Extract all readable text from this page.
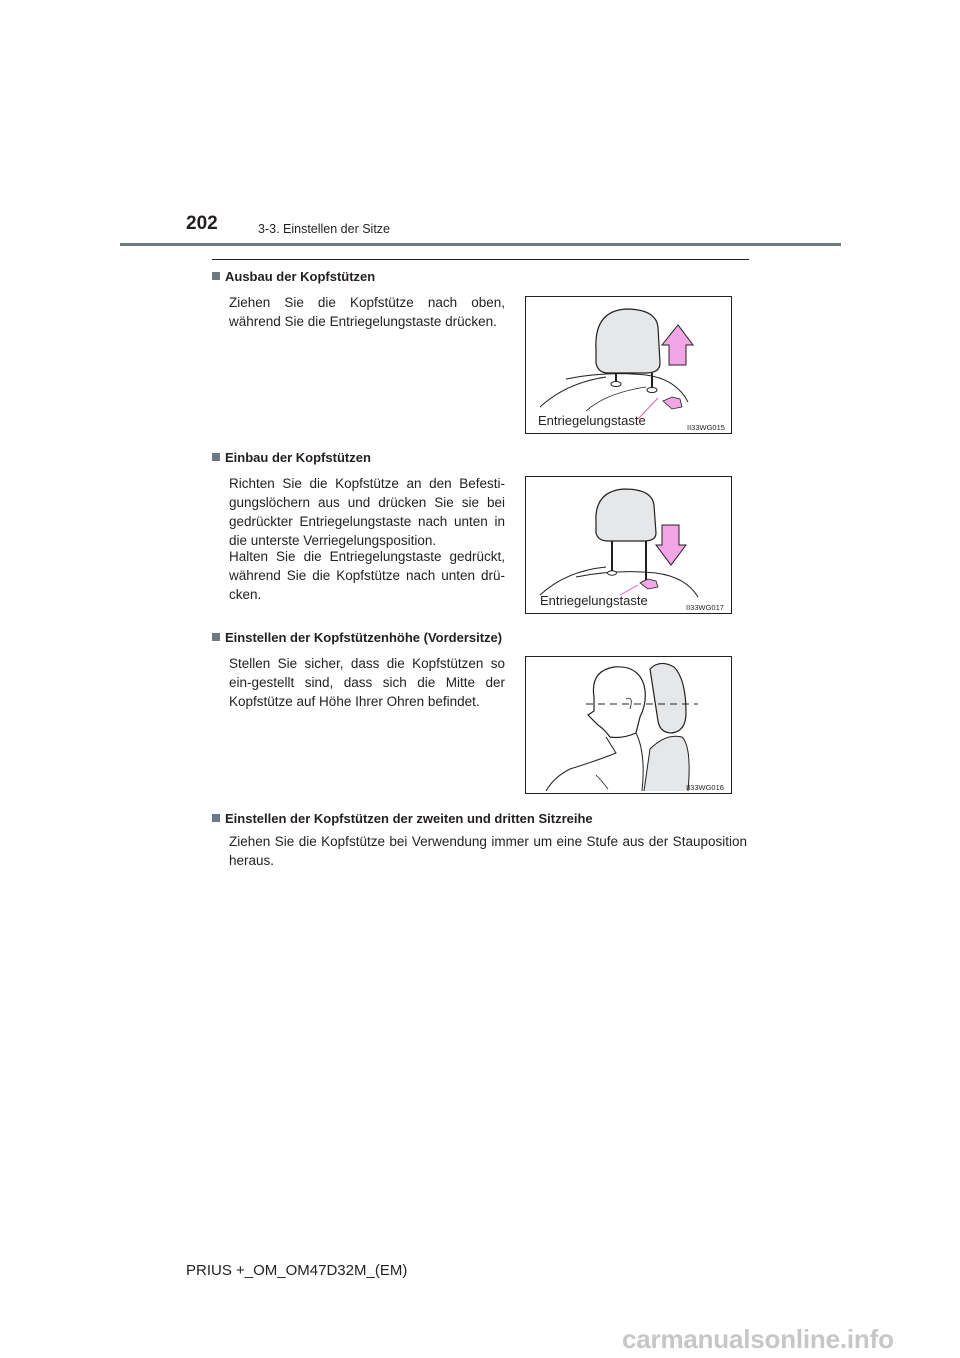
202	3-3. Einstellen der Sitze
Ausbau der Kopfstützen
Ziehen Sie die Kopfstütze nach oben, während Sie die Entriegelungstaste drücken.
Entriegelungstaste	II33WG015
Einbau der Kopfstützen
Richten Sie die Kopfstütze an den Befesti-gungslöchern aus und drücken Sie sie bei gedrückter Entriegelungstaste nach unten in die unterste Verriegelungsposition.
Halten Sie die Entriegelungstaste gedrückt, während Sie die Kopfstütze nach unten drü-cken.	Entriegelungstaste	II33WG017
Einstellen der Kopfstützenhöhe (Vordersitze)
Stellen Sie sicher, dass die Kopfstützen so ein-gestellt sind, dass sich die Mitte der Kopfstütze auf Höhe Ihrer Ohren befindet.
II33WG016
Einstellen der Kopfstützen der zweiten und dritten Sitzreihe
Ziehen Sie die Kopfstütze bei Verwendung immer um eine Stufe aus der Stauposition heraus.
PRIUS +_OM_OM47D32M_(EM)
carmanualsonline.info
